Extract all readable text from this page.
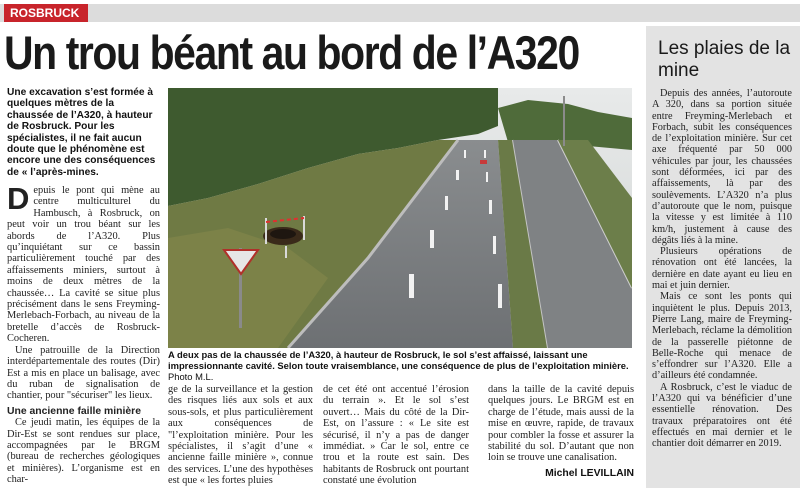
ROSBRUCK
Un trou béant au bord de l’A320
Une excavation s’est formée à quelques mètres de la chaussée de l’A320, à hauteur de Rosbruck. Pour les spécialistes, il ne fait aucun doute que le phénomène est encore une des conséquences de « l’après-mines.

Depuis le pont qui mène au centre multiculturel du Hambusch, à Rosbruck, on peut voir un trou béant sur les abords de l’A320. Plus qu’inquiétant sur ce bassin particulièrement touché par des affaissements miniers, surtout à moins de deux mètres de la chaussée… La cavité se situe plus précisément dans le sens Freyming-Merlebach-Forbach, au niveau de la bretelle d’accès de Rosbruck-Cocheren.

Une patrouille de la Direction interdépartementale des routes (Dir) Est a mis en place un balisage, avec du ruban de signalisation de chantier, pour "sécuriser" les lieux.

Une ancienne faille minière

Ce jeudi matin, les équipes de la Dir-Est se sont rendues sur place, accompagnées par le BRGM (bureau de recherches géologiques et minières). L’organisme est en char-

A deux pas de la chaussée de l’A320, à hauteur de Rosbruck, le sol s’est affaissé, laissant une impressionnante cavité. Selon toute vraisemblance, une conséquence de plus de l’exploitation minière. Photo M.L.

ge de la surveillance et la gestion des risques liés aux sols et aux sous-sols, et plus particulièrement aux conséquences de "l’exploitation minière. Pour les spécialistes, il s’agit d’une « ancienne faille minière », connue des services. L’une des hypothèses est que « les fortes pluies

de cet été ont accentué l’érosion du terrain ». Et le sol s’est ouvert… Mais du côté de la Dir-Est, on l’assure : « Le site est sécurisé, il n’y a pas de danger immédiat. » Car le sol, entre ce trou et la route est sain. Des habitants de Rosbruck ont pourtant constaté une évolution

dans la taille de la cavité depuis quelques jours. Le BRGM est en charge de l’étude, mais aussi de la mise en œuvre, rapide, de travaux pour combler la fosse et assurer la stabilité du sol. D’autant que non loin se trouve une canalisation.

Michel LEVILLAIN
Les plaies de la mine

Depuis des années, l’autoroute A 320, dans sa portion située entre Freyming-Merlebach et Forbach, subit les conséquences de l’exploitation minière. Sur cet axe fréquenté par 50 000 véhicules par jour, les chaussées sont déformées, ici par des affaissements, là par des soulèvements. L’A320 n’a plus d’autoroute que le nom, puisque la vitesse y est limitée à 110 km/h, justement à cause des dégâts liés à la mine.

Plusieurs opérations de rénovation ont été lancées, la dernière en date ayant eu lieu en mai et juin dernier.

Mais ce sont les ponts qui inquiètent le plus. Depuis 2013, Pierre Lang, maire de Freyming-Merlebach, réclame la démolition de la passerelle piétonne de Belle-Roche qui menace de s’effondrer sur l’A320. Elle a d’ailleurs été condamnée.

A Rosbruck, c’est le viaduc de l’A320 qui va bénéficier d’une essentielle rénovation. Des travaux préparatoires ont été effectués en mai dernier et le chantier doit démarrer en 2019.
